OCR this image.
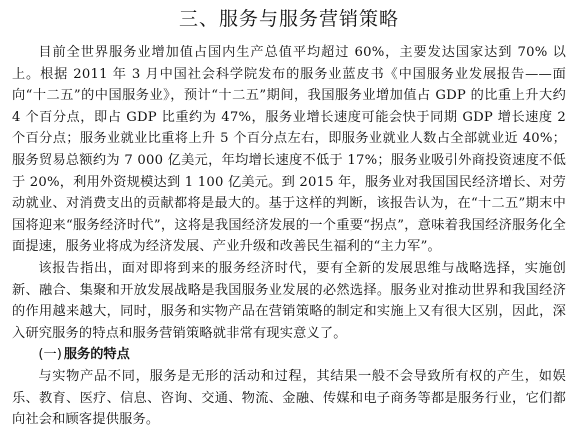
三、服务与服务营销策略

目前全世界服务业增加值占国内生产总值平均超过 60%，主要发达国家达到 70% 以上。根据 2011 年 3 月中国社会科学院发布的服务业蓝皮书《中国服务业发展报告——面向“十二五”的中国服务业》，预计“十二五”期间，我国服务业增加值占 GDP 的比重上升大约 4 个百分点，即占 GDP 比重约为 47%，服务业增长速度可能会快于同期 GDP 增长速度 2 个百分点；服务业就业比重将上升 5 个百分点左右，即服务业就业人数占全部就业近 40%；服务贸易总额约为 7 000 亿美元，年均增长速度不低于 17%；服务业吸引外商投资速度不低于 20%，利用外资规模达到 1 100 亿美元。到 2015 年，服务业对我国国民经济增长、对劳动就业、对消费支出的贡献都将是最大的。基于这样的判断，该报告认为，在“十二五”期末中国将迎来“服务经济时代”，这将是我国经济发展的一个重要“拐点”，意味着我国经济服务化全面提速，服务业将成为经济发展、产业升级和改善民生福利的“主力军”。

该报告指出，面对即将到来的服务经济时代，要有全新的发展思维与战略选择，实施创新、融合、集聚和开放发展战略是我国服务业发展的必然选择。服务业对推动世界和我国经济的作用越来越大，同时，服务和实物产品在营销策略的制定和实施上又有很大区别，因此，深入研究服务的特点和服务营销策略就非常有现实意义了。

(一) 服务的特点

与实物产品不同，服务是无形的活动和过程，其结果一般不会导致所有权的产生，如娱乐、教育、医疗、信息、咨询、交通、物流、金融、传媒和电子商务等都是服务行业，它们都向社会和顾客提供服务。
